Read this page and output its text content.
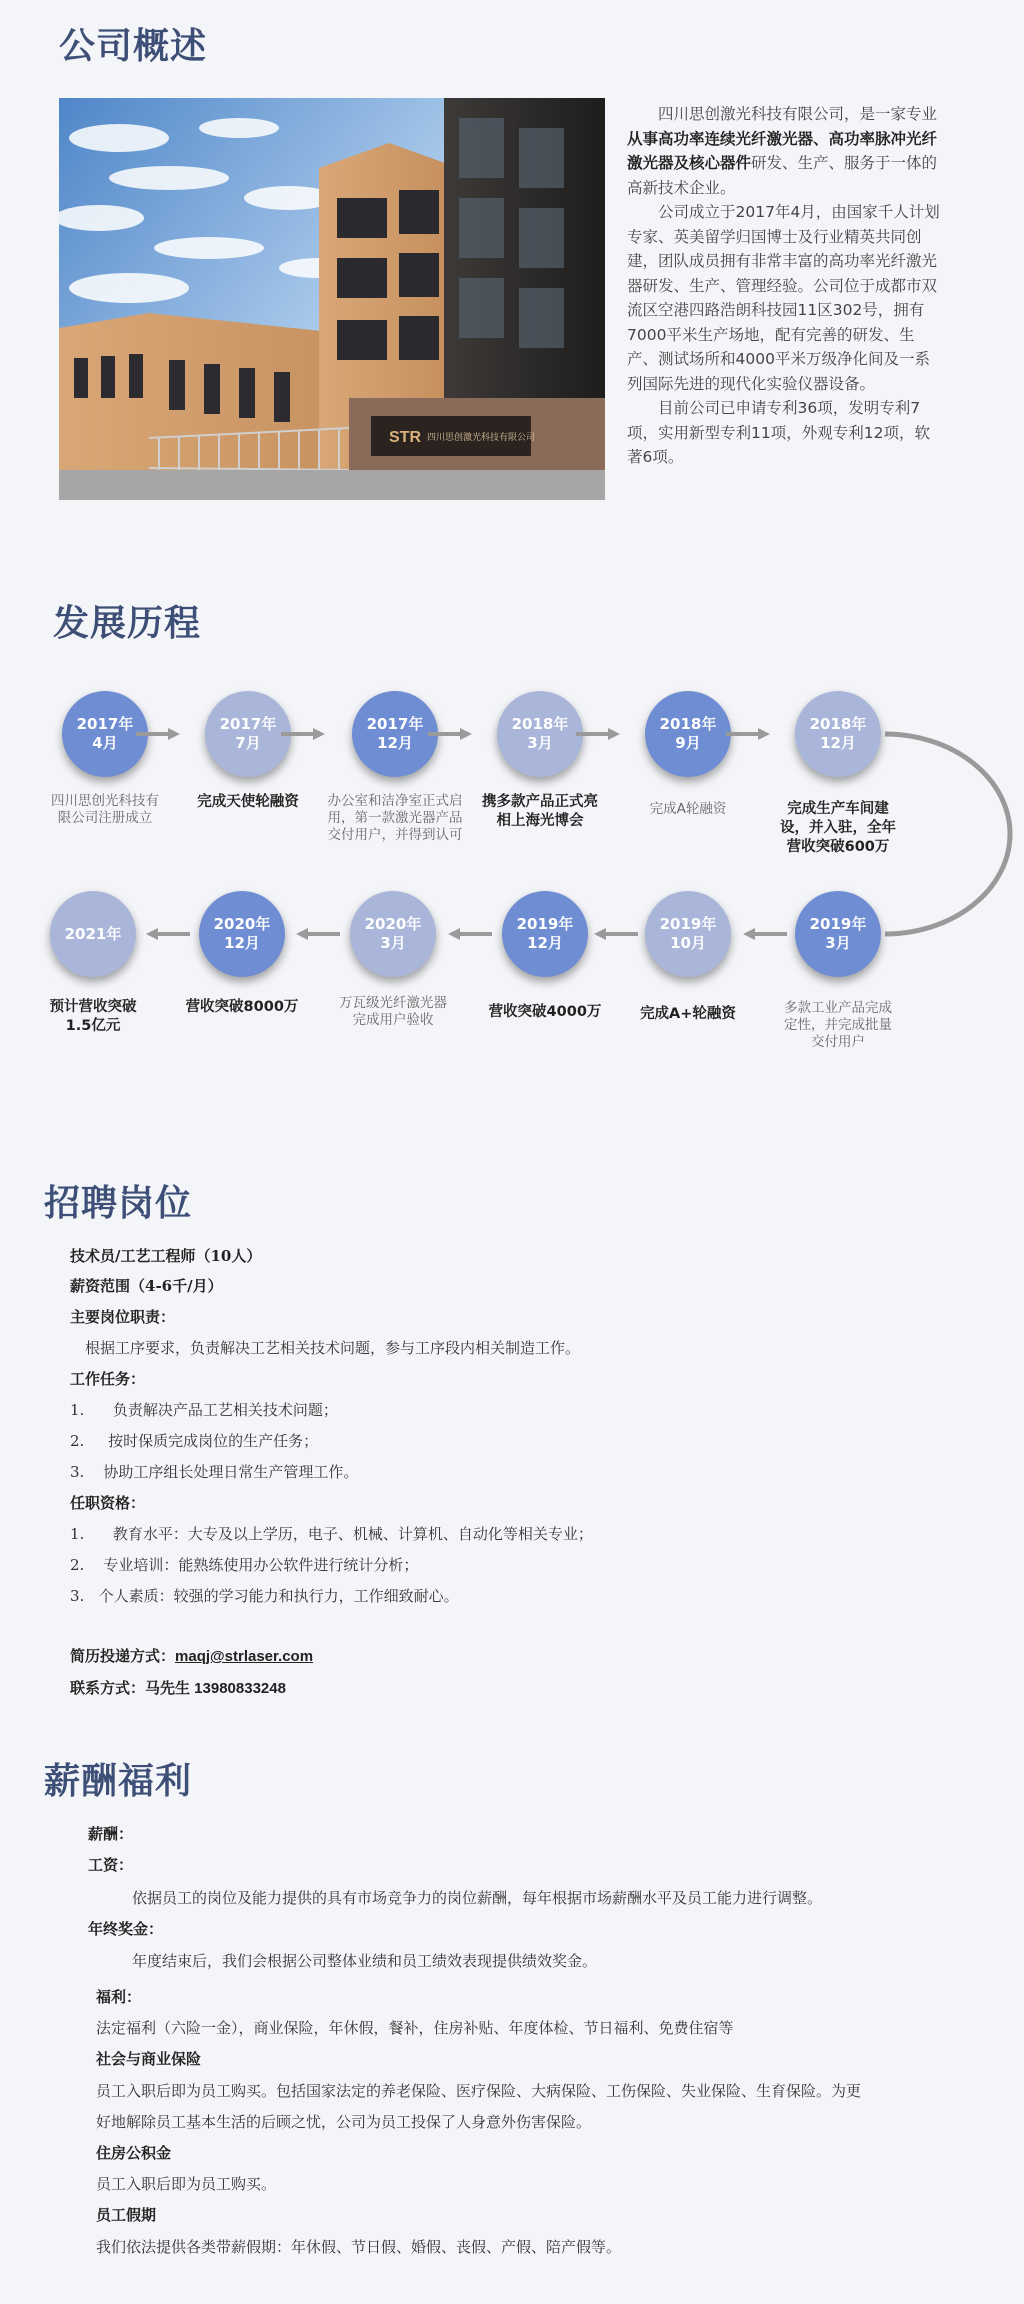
公司概述
STR 四川思创激光科技有限公司

四川思创激光科技有限公司，是一家专业从事高功率连续光纤激光器、高功率脉冲光纤激光器及核心器件研发、生产、服务于一体的高新技术企业。

公司成立于2017年4月，由国家千人计划专家、英美留学归国博士及行业精英共同创建，团队成员拥有非常丰富的高功率光纤激光器研发、生产、管理经验。公司位于成都市双流区空港四路浩朗科技园11区302号，拥有7000平米生产场地，配有完善的研发、生产、测试场所和4000平米万级净化间及一系列国际先进的现代化实验仪器设备。

目前公司已申请专利36项，发明专利7项，实用新型专利11项，外观专利12项，软著6项。

发展历程
2017年
4月
四川思创光科技有限公司注册成立
2017年
7月
完成天使轮融资
2017年
12月
办公室和洁净室正式启用，第一款激光器产品交付用户，并得到认可
2018年
3月
携多款产品正式亮相上海光博会
2018年
9月
完成A轮融资
2018年
12月
完成生产车间建设，并入驻，全年营收突破600万
2019年
3月
多款工业产品完成定性，并完成批量交付用户
2019年
10月
完成A+轮融资
2019年
12月
营收突破4000万
2020年
3月
万瓦级光纤激光器完成用户验收
2020年
12月
营收突破8000万
2021年
预计营收突破1.5亿元
招聘岗位
技术员/工艺工程师（10人）
薪资范围（4-6千/月）
主要岗位职责：
根据工序要求，负责解决工艺相关技术问题，参与工序段内相关制造工作。
工作任务：
1.      负责解决产品工艺相关技术问题；
2.     按时保质完成岗位的生产任务；
3.    协助工序组长处理日常生产管理工作。
任职资格：
1.      教育水平：大专及以上学历，电子、机械、计算机、自动化等相关专业；
2.    专业培训：能熟练使用办公软件进行统计分析；
3.   个人素质：较强的学习能力和执行力，工作细致耐心。
简历投递方式：maqj@strlaser.com
联系方式：马先生 13980833248
薪酬福利
薪酬：
工资：
依据员工的岗位及能力提供的具有市场竞争力的岗位薪酬，每年根据市场薪酬水平及员工能力进行调整。
年终奖金：
年度结束后，我们会根据公司整体业绩和员工绩效表现提供绩效奖金。
福利：
法定福利（六险一金），商业保险，年休假，餐补，住房补贴、年度体检、节日福利、免费住宿等
社会与商业保险
员工入职后即为员工购买。包括国家法定的养老保险、医疗保险、大病保险、工伤保险、失业保险、生育保险。为更
好地解除员工基本生活的后顾之忧，公司为员工投保了人身意外伤害保险。
住房公积金
员工入职后即为员工购买。
员工假期
我们依法提供各类带薪假期：年休假、节日假、婚假、丧假、产假、陪产假等。
